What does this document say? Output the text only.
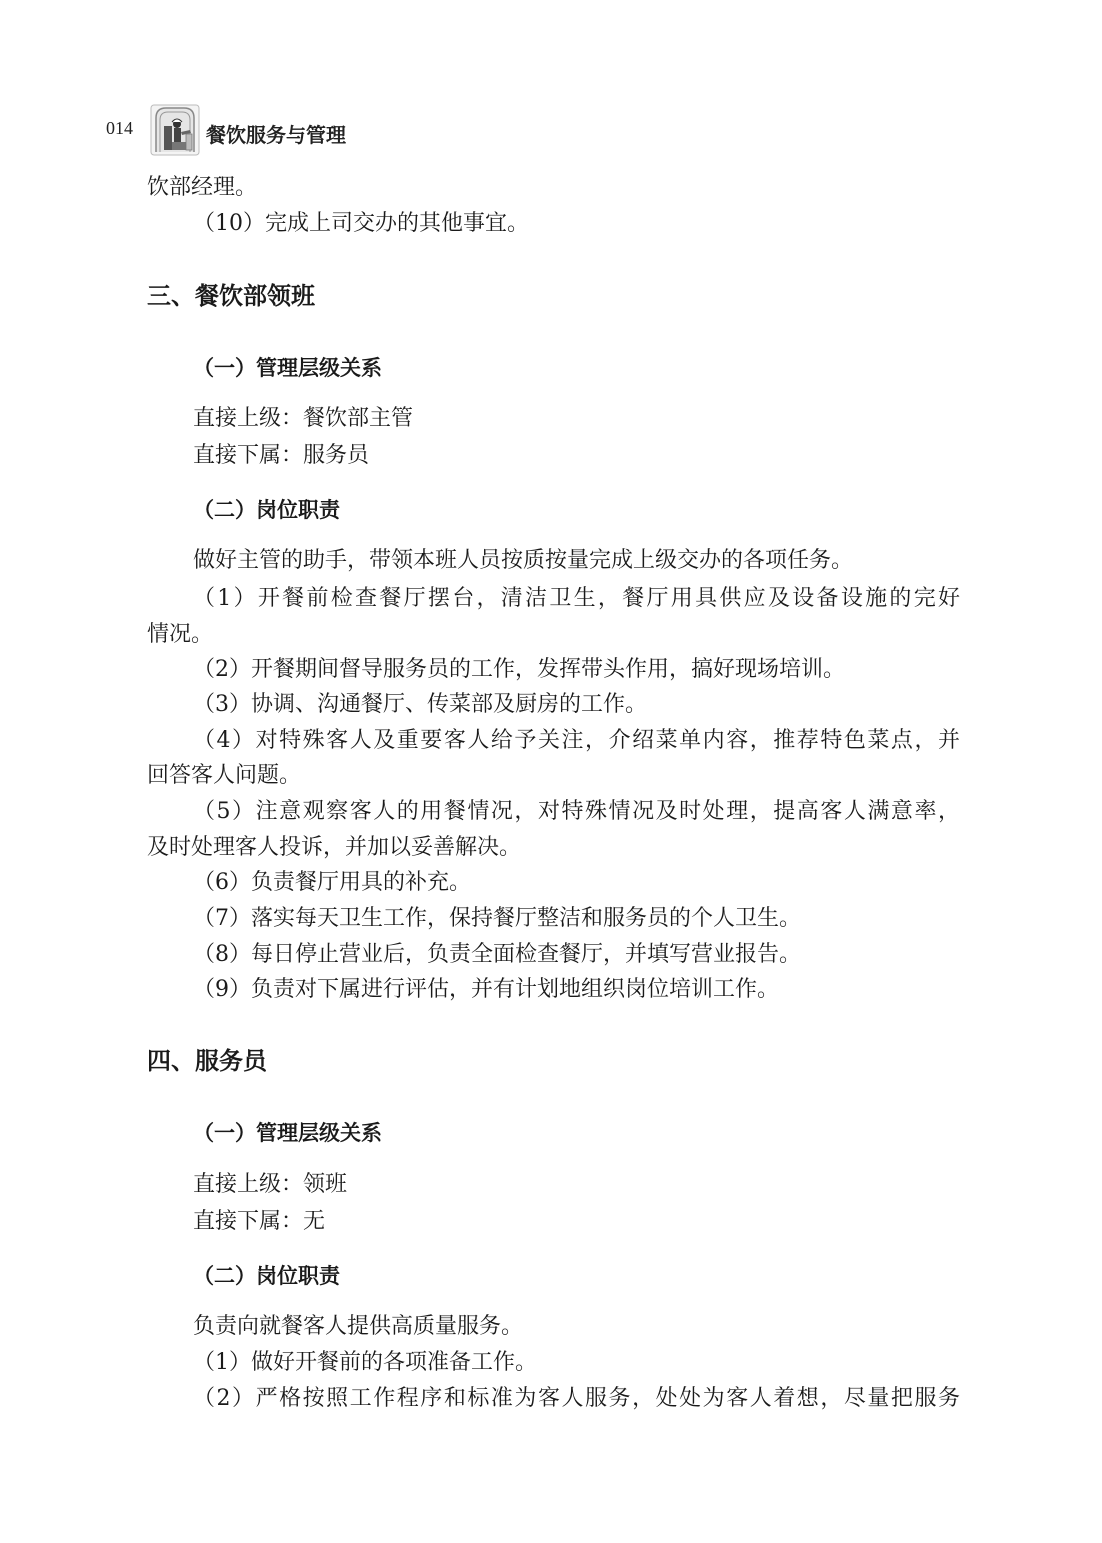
014	餐饮服务与管理
饮部经理。
（10）完成上司交办的其他事宜。
三、餐饮部领班
（一）管理层级关系
直接上级：餐饮部主管
直接下属：服务员
（二）岗位职责
做好主管的助手，带领本班人员按质按量完成上级交办的各项任务。
（1）开餐前检查餐厅摆台，清洁卫生，餐厅用具供应及设备设施的完好
情况。
（2）开餐期间督导服务员的工作，发挥带头作用，搞好现场培训。
（3）协调、沟通餐厅、传菜部及厨房的工作。
（4）对特殊客人及重要客人给予关注，介绍菜单内容，推荐特色菜点，并
回答客人问题。
（5）注意观察客人的用餐情况，对特殊情况及时处理，提高客人满意率，
及时处理客人投诉，并加以妥善解决。
（6）负责餐厅用具的补充。
（7）落实每天卫生工作，保持餐厅整洁和服务员的个人卫生。
（8）每日停止营业后，负责全面检查餐厅，并填写营业报告。
（9）负责对下属进行评估，并有计划地组织岗位培训工作。
四、服务员
（一）管理层级关系
直接上级：领班
直接下属：无
（二）岗位职责
负责向就餐客人提供高质量服务。
（1）做好开餐前的各项准备工作。
（2）严格按照工作程序和标准为客人服务，处处为客人着想，尽量把服务
